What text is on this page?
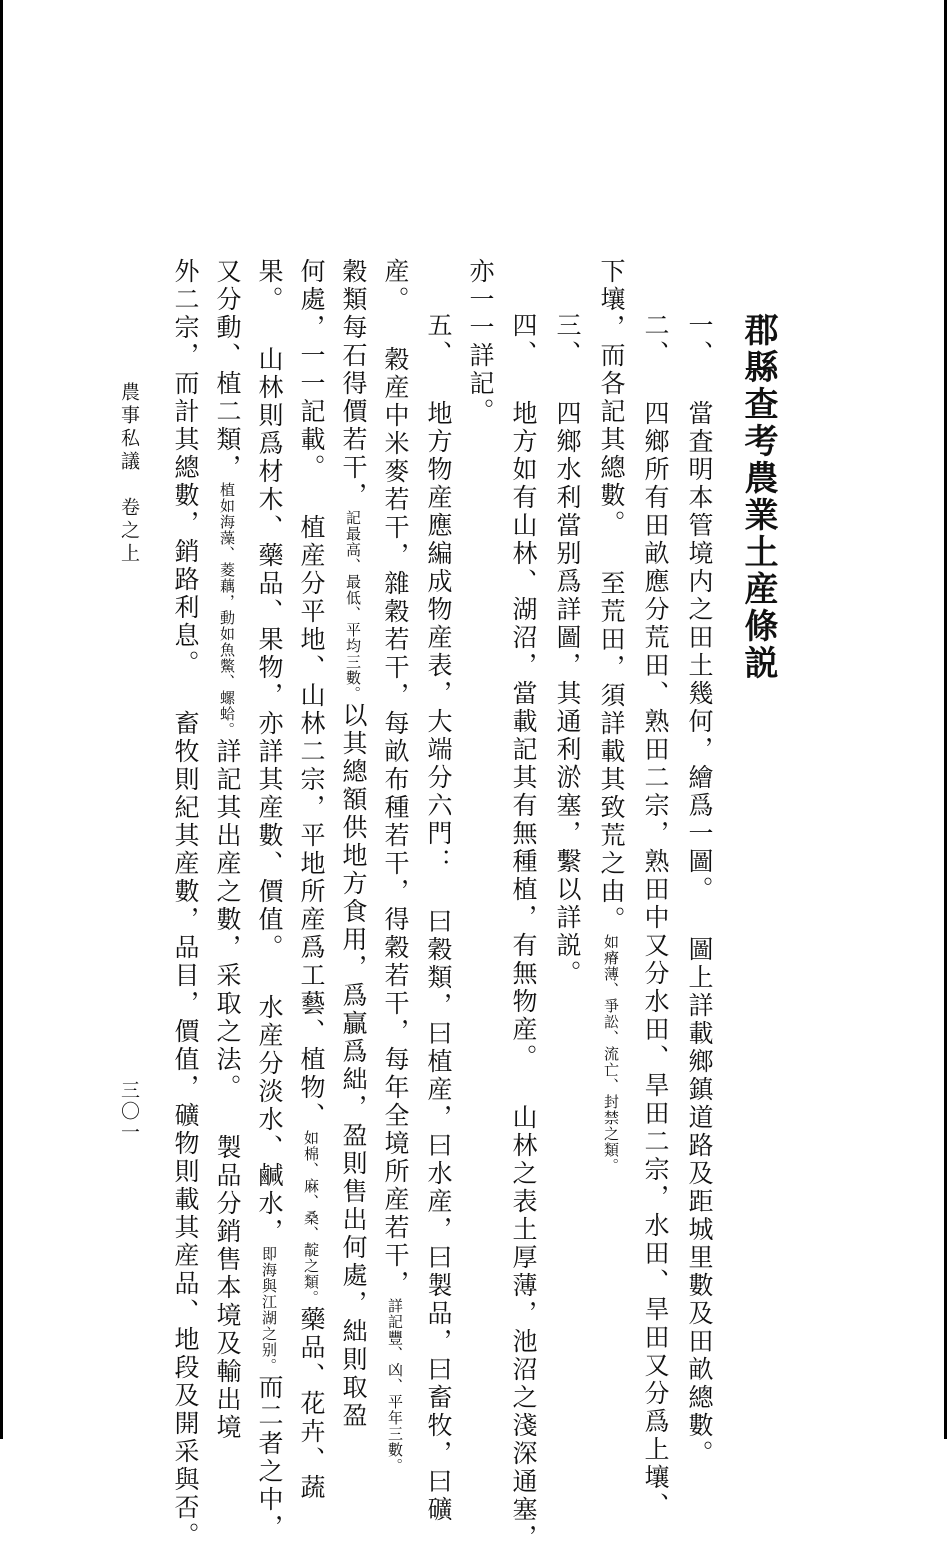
郡縣查考農業土産條説
一、 當査明本管境内之田土幾何，繪爲一圖。 圖上詳載鄉鎮道路及距城里數及田畝總數。
二、 四鄉所有田畝應分荒田、熟田二宗，熟田中又分水田、旱田二宗，水田、旱田又分爲上壤、
下壤，而各記其總數。 至荒田，須詳載其致荒之由。如瘠薄、爭訟、流亡、封禁之類。
三、 四鄉水利當别爲詳圖，其通利淤塞，繫以詳説。
四、 地方如有山林、湖沼，當載記其有無種植，有無物産。 山林之表土厚薄，池沼之淺深通塞，
亦一一詳記。
五、 地方物産應編成物産表，大端分六門： 曰穀類，曰植産，曰水産，曰製品，曰畜牧，曰礦
産。 穀産中米麥若干，雜穀若干，每畝布種若干，得穀若干，每年全境所産若干，詳記豐、凶、平年三數。
穀類每石得價若干，記最高、最低、平均三數。以其總額供地方食用，爲贏爲絀，盈則售出何處，絀則取盈
何處，一一記載。 植産分平地、山林二宗，平地所産爲工藝、植物、如棉、麻、桑、靛之類。藥品、花卉、蔬
果。 山林則爲材木、藥品、果物，亦詳其産數、價值。 水産分淡水、鹹水，即海與江湖之别。而二者之中，
又分動、植二類，植如海藻、菱藕，動如魚鱉、螺蛤。詳記其出産之數，采取之法。 製品分銷售本境及輸出境
外二宗，而計其總數，銷路利息。 畜牧則紀其産數，品目，價值，礦物則載其産品、地段及開采與否。
農事私議　卷之上
三〇一
